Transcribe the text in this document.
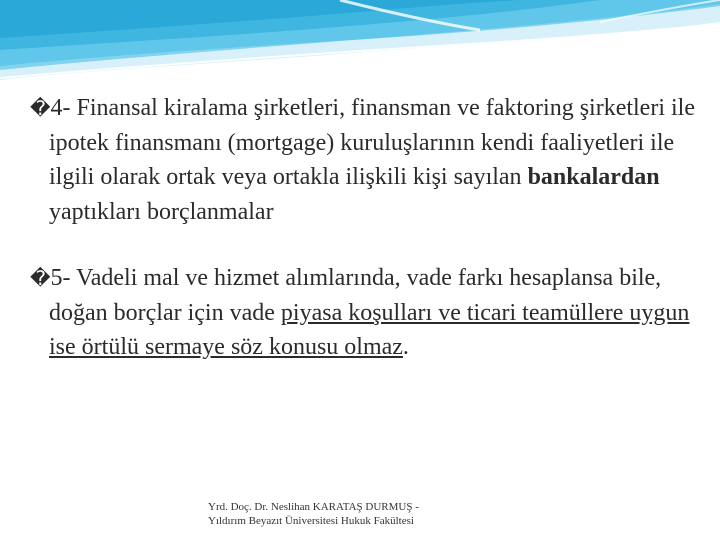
�4- Finansal kiralama şirketleri, finansman ve faktoring şirketleri ile ipotek finansmanı (mortgage) kuruluşlarının kendi faaliyetleri ile ilgili olarak ortak veya ortakla ilişkili kişi sayılan bankalardan yaptıkları borçlanmalar

�5- Vadeli mal ve hizmet alımlarında, vade farkı hesaplansa bile, doğan borçlar için vade piyasa koşulları ve ticari teamüllere uygun ise örtülü sermaye söz konusu olmaz.

Yrd. Doç. Dr. Neslihan KARATAŞ DURMUŞ -
Yıldırım Beyazıt Üniversitesi Hukuk Fakültesi
